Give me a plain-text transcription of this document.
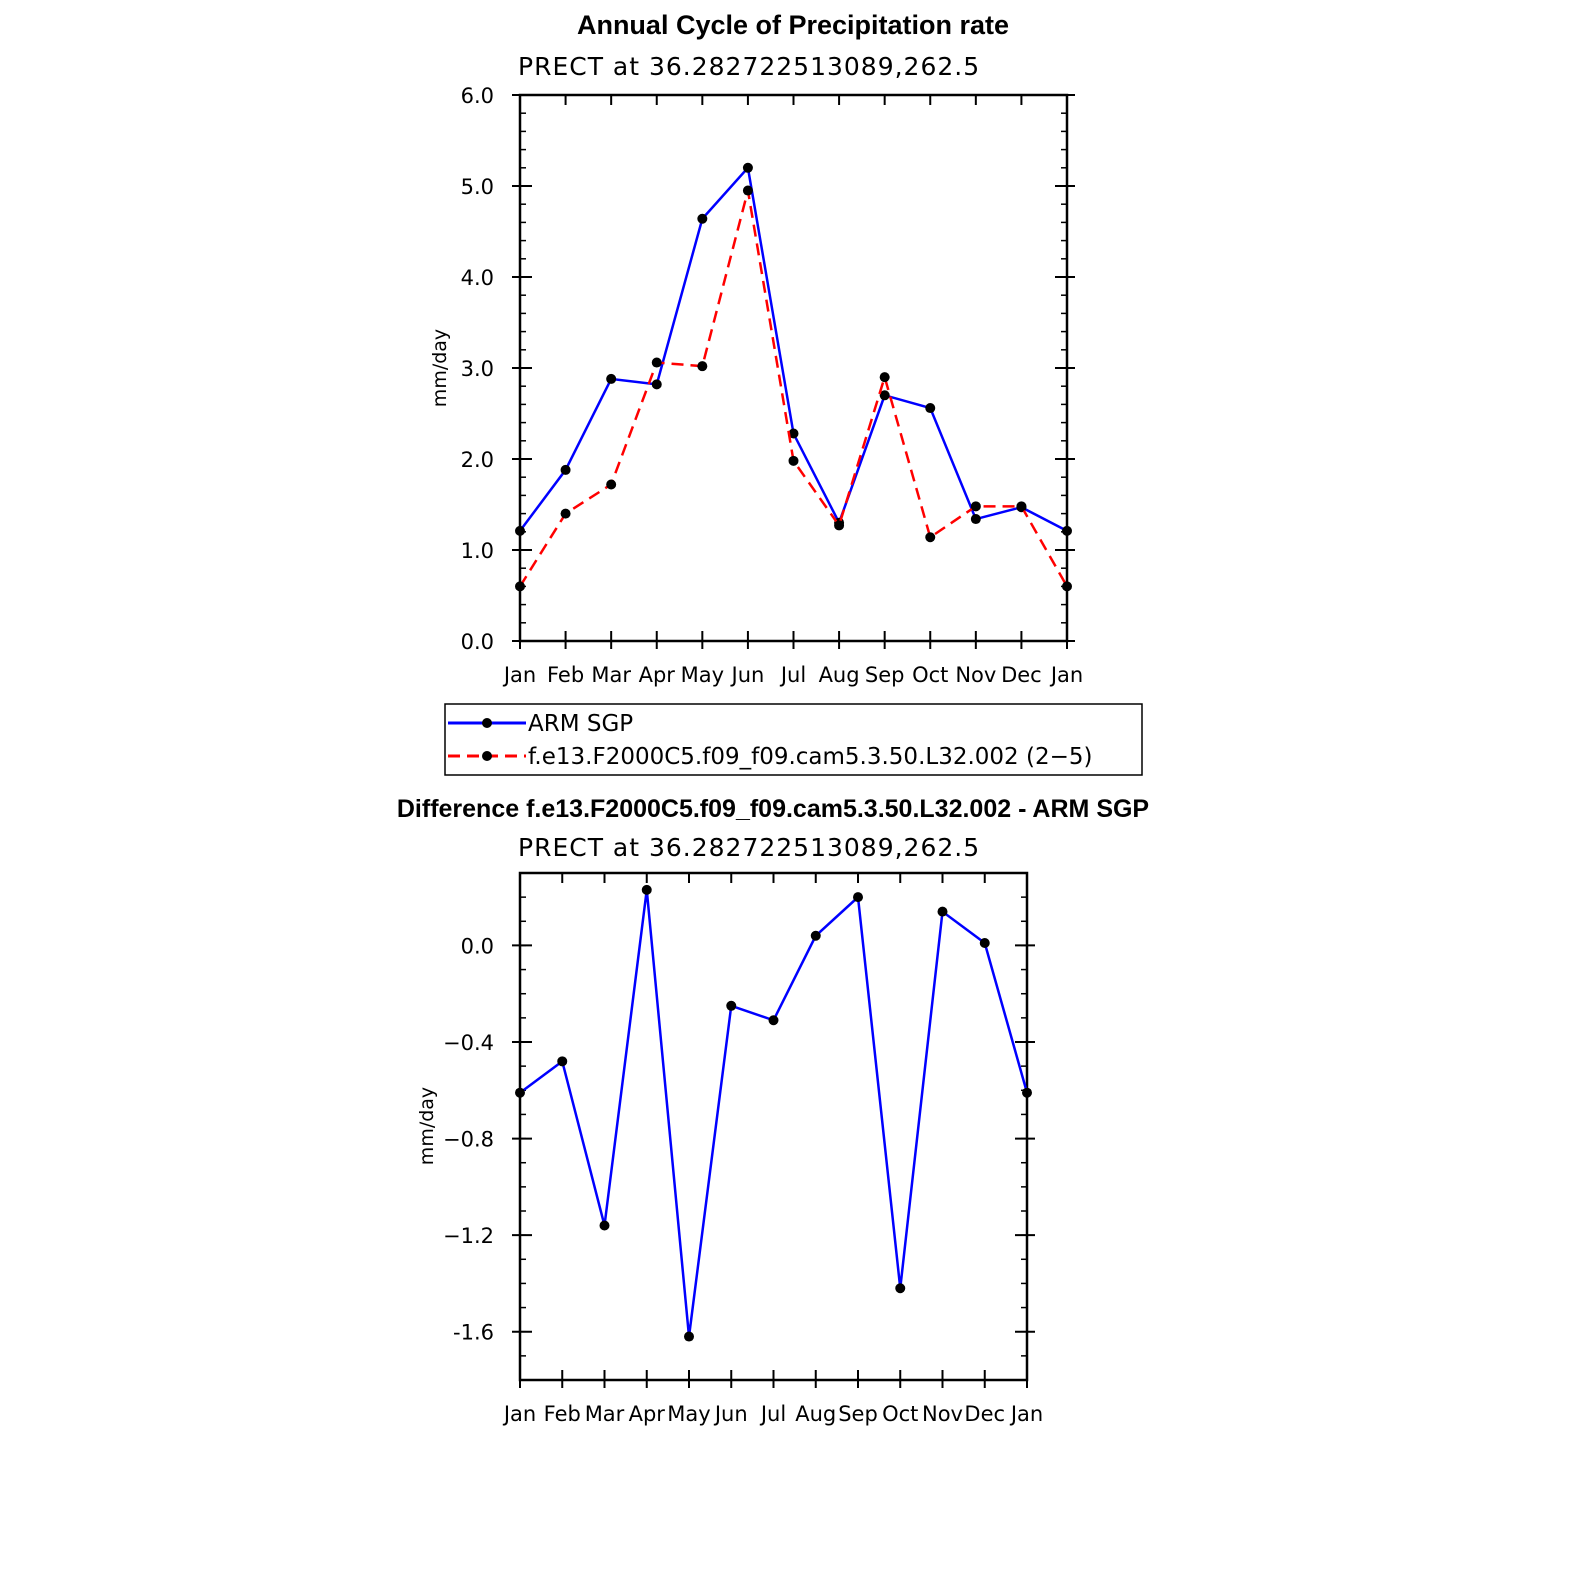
Annual Cycle of Precipitation rate
PRECT at 36.282722513089,262.5
mm/day
Jan Feb Mar Apr May Jun Jul Aug Sep Oct Nov Dec Jan
0.0
1.0
2.0
3.0
4.0
5.0
6.0
ARM SGP
f.e13.F2000C5.f09_f09.cam5.3.50.L32.002 (2−5)
Difference f.e13.F2000C5.f09_f09.cam5.3.50.L32.002 - ARM SGP
PRECT at 36.282722513089,262.5
mm/day
Jan Feb Mar Apr May Jun Jul Aug Sep Oct Nov Dec Jan
0.0
−0.4
−0.8
−1.2
-1.6
